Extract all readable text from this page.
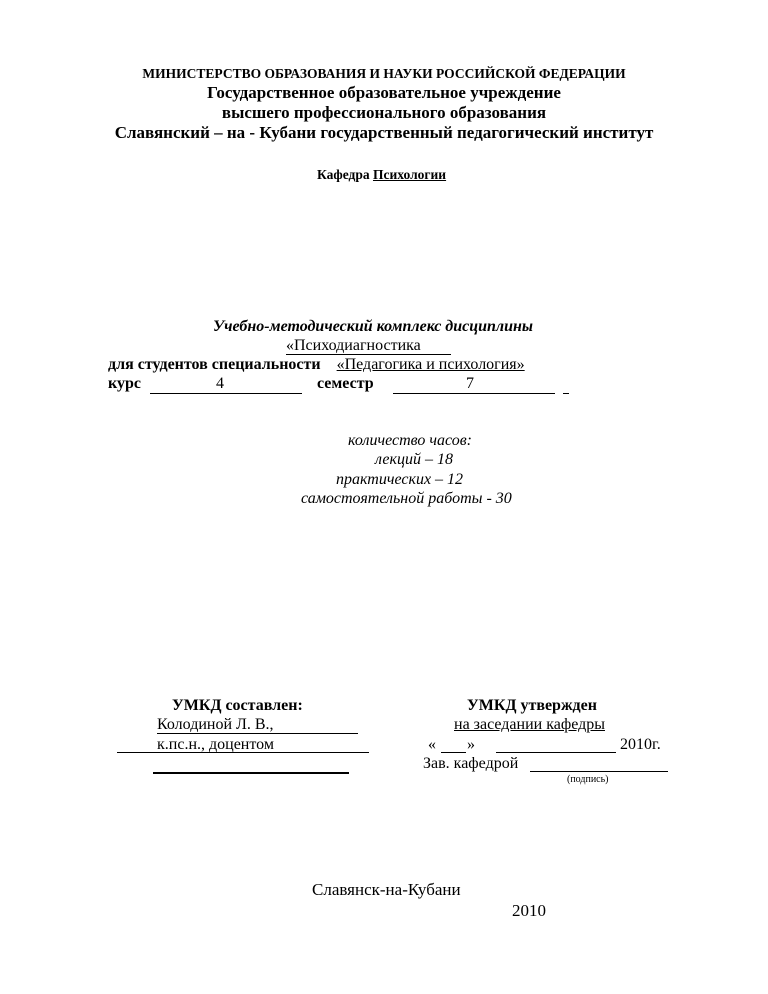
МИНИСТЕРСТВО ОБРАЗОВАНИЯ И НАУКИ РОССИЙСКОЙ ФЕДЕРАЦИИ
Государственное образовательное учреждение
высшего профессионального образования
Славянский – на - Кубани государственный педагогический институт
Кафедра Психологии
Учебно-методический комплекс дисциплины
«Психодиагностика
для студентов специальности «Педагогика и психология»
курс	4	семестр	7
количество часов:
лекций – 18
практических – 12
самостоятельной работы - 30
УМКД составлен:
Колодиной Л. В.,
к.пс.н., доцентом
УМКД утвержден
на заседании кафедры
« »	2010г.
Зав. кафедрой
(подпись)
Славянск-на-Кубани
2010
